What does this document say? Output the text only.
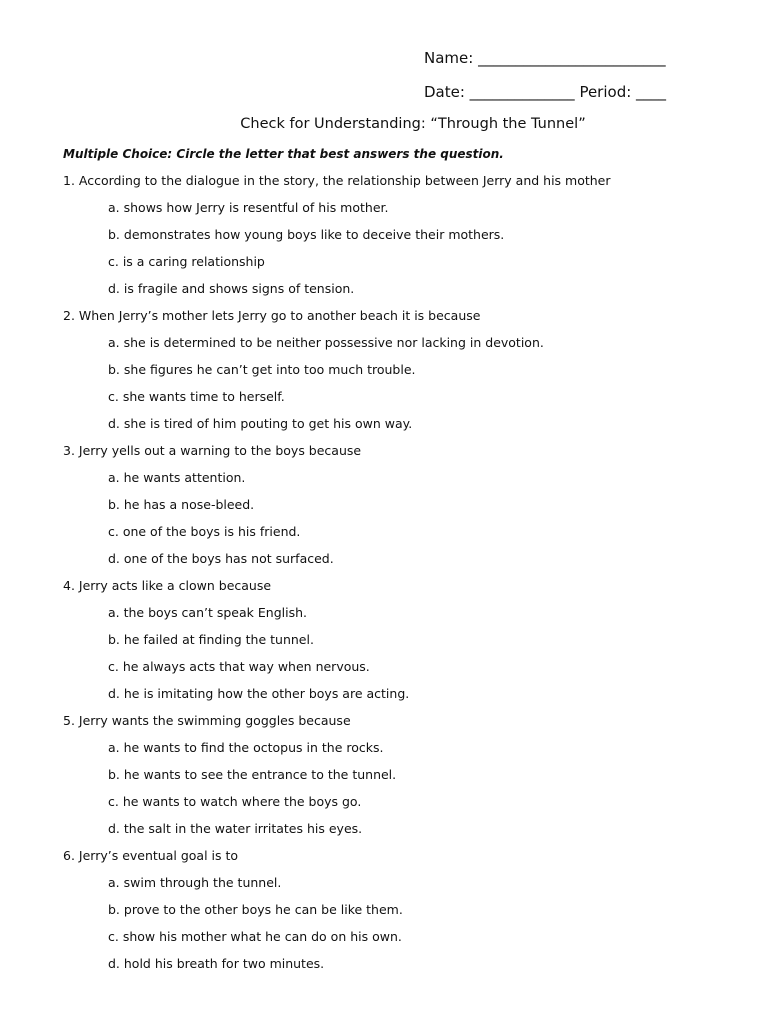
Name: _________________________
Date: ______________ Period: ____
Check for Understanding: “Through the Tunnel”
Multiple Choice: Circle the letter that best answers the question.
1. According to the dialogue in the story, the relationship between Jerry and his mother
a. shows how Jerry is resentful of his mother.
b. demonstrates how young boys like to deceive their mothers.
c. is a caring relationship
d. is fragile and shows signs of tension.
2. When Jerry’s mother lets Jerry go to another beach it is because
a. she is determined to be neither possessive nor lacking in devotion.
b. she figures he can’t get into too much trouble.
c. she wants time to herself.
d. she is tired of him pouting to get his own way.
3. Jerry yells out a warning to the boys because
a. he wants attention.
b. he has a nose-bleed.
c. one of the boys is his friend.
d. one of the boys has not surfaced.
4. Jerry acts like a clown because
a. the boys can’t speak English.
b. he failed at finding the tunnel.
c. he always acts that way when nervous.
d. he is imitating how the other boys are acting.
5. Jerry wants the swimming goggles because
a. he wants to find the octopus in the rocks.
b. he wants to see the entrance to the tunnel.
c. he wants to watch where the boys go.
d. the salt in the water irritates his eyes.
6. Jerry’s eventual goal is to
a. swim through the tunnel.
b. prove to the other boys he can be like them.
c. show his mother what he can do on his own.
d. hold his breath for two minutes.
